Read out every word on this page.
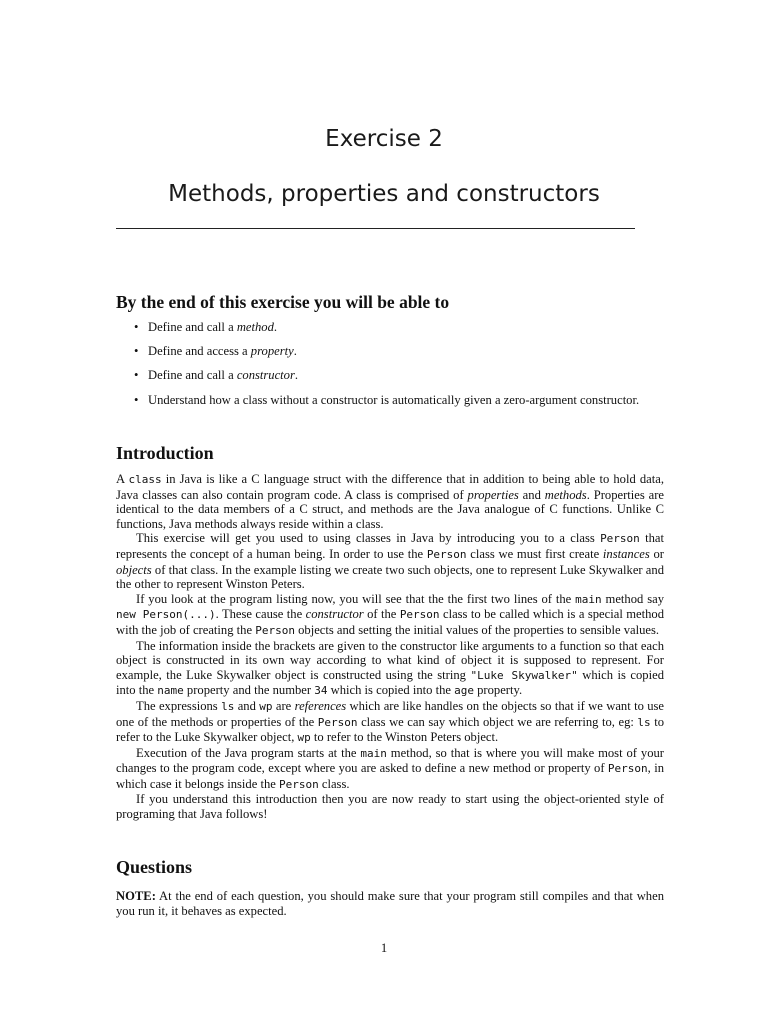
Exercise 2
Methods, properties and constructors
By the end of this exercise you will be able to
• Define and call a method.
• Define and access a property.
• Define and call a constructor.
• Understand how a class without a constructor is automatically given a zero-argument constructor.
Introduction

A class in Java is like a C language struct with the difference that in addition to being able to hold data, Java classes can also contain program code. A class is comprised of properties and methods. Properties are identical to the data members of a C struct, and methods are the Java analogue of C functions. Unlike C functions, Java methods always reside within a class.

This exercise will get you used to using classes in Java by introducing you to a class Person that represents the concept of a human being. In order to use the Person class we must first create instances or objects of that class. In the example listing we create two such objects, one to represent Luke Skywalker and the other to represent Winston Peters.

If you look at the program listing now, you will see that the the first two lines of the main method say new Person(...). These cause the constructor of the Person class to be called which is a special method with the job of creating the Person objects and setting the initial values of the properties to sensible values.

The information inside the brackets are given to the constructor like arguments to a function so that each object is constructed in its own way according to what kind of object it is supposed to represent. For example, the Luke Skywalker object is constructed using the string "Luke Skywalker" which is copied into the name property and the number 34 which is copied into the age property.

The expressions ls and wp are references which are like handles on the objects so that if we want to use one of the methods or properties of the Person class we can say which object we are referring to, eg: ls to refer to the Luke Skywalker object, wp to refer to the Winston Peters object.

Execution of the Java program starts at the main method, so that is where you will make most of your changes to the program code, except where you are asked to define a new method or property of Person, in which case it belongs inside the Person class.

If you understand this introduction then you are now ready to start using the object-oriented style of programing that Java follows!

Questions

NOTE: At the end of each question, you should make sure that your program still compiles and that when you run it, it behaves as expected.

1
